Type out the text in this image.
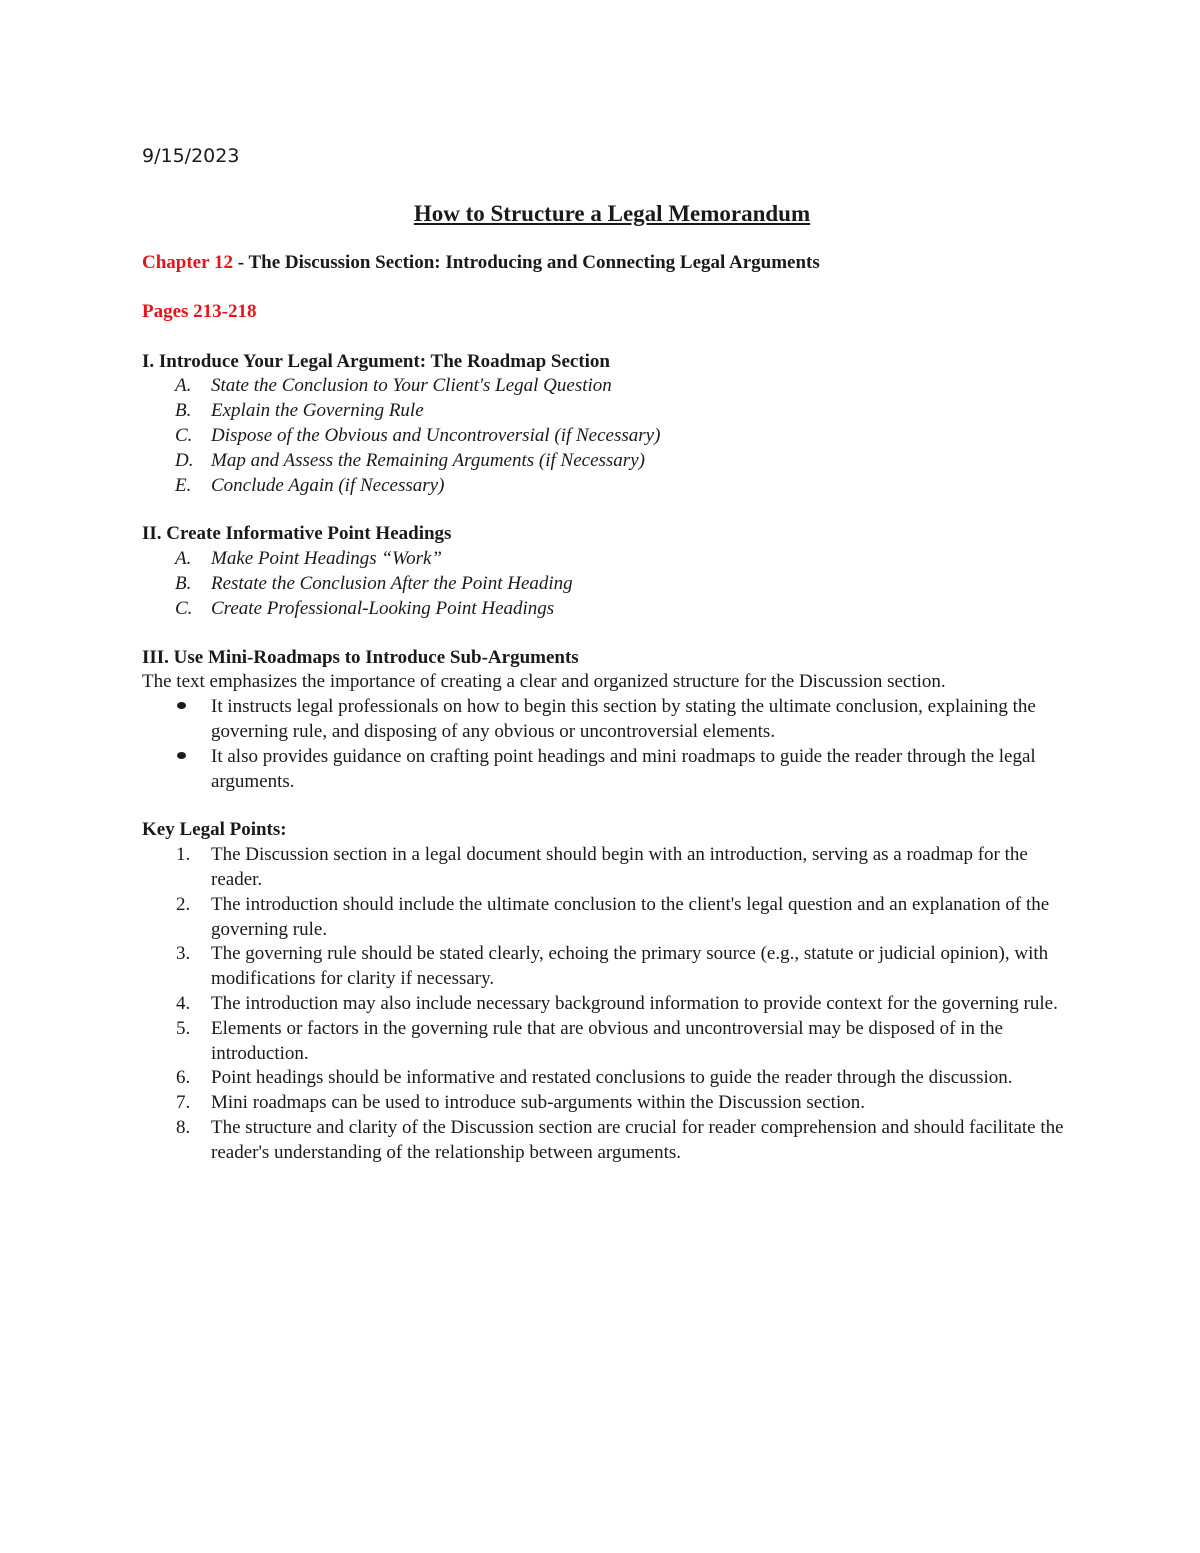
9/15/2023
How to Structure a Legal Memorandum
Chapter 12 - The Discussion Section: Introducing and Connecting Legal Arguments
Pages 213-218
I. Introduce Your Legal Argument: The Roadmap Section
A. State the Conclusion to Your Client's Legal Question
B. Explain the Governing Rule
C. Dispose of the Obvious and Uncontroversial (if Necessary)
D. Map and Assess the Remaining Arguments (if Necessary)
E. Conclude Again (if Necessary)
II. Create Informative Point Headings
A. Make Point Headings “Work”
B. Restate the Conclusion After the Point Heading
C. Create Professional-Looking Point Headings
III. Use Mini-Roadmaps to Introduce Sub-Arguments
The text emphasizes the importance of creating a clear and organized structure for the Discussion section.
It instructs legal professionals on how to begin this section by stating the ultimate conclusion, explaining the governing rule, and disposing of any obvious or uncontroversial elements.
It also provides guidance on crafting point headings and mini roadmaps to guide the reader through the legal arguments.
Key Legal Points:
1. The Discussion section in a legal document should begin with an introduction, serving as a roadmap for the reader.
2. The introduction should include the ultimate conclusion to the client's legal question and an explanation of the governing rule.
3. The governing rule should be stated clearly, echoing the primary source (e.g., statute or judicial opinion), with modifications for clarity if necessary.
4. The introduction may also include necessary background information to provide context for the governing rule.
5. Elements or factors in the governing rule that are obvious and uncontroversial may be disposed of in the introduction.
6. Point headings should be informative and restated conclusions to guide the reader through the discussion.
7. Mini roadmaps can be used to introduce sub-arguments within the Discussion section.
8. The structure and clarity of the Discussion section are crucial for reader comprehension and should facilitate the reader's understanding of the relationship between arguments.
